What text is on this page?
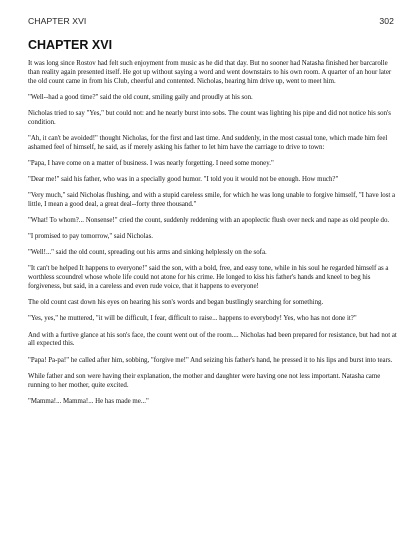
CHAPTER XVI	302
CHAPTER XVI

It was long since Rostov had felt such enjoyment from music as he did that day. But no sooner had Natasha finished her barcarolle than reality again presented itself. He got up without saying a word and went downstairs to his own room. A quarter of an hour later the old count came in from his Club, cheerful and contented. Nicholas, hearing him drive up, went to meet him.

"Well--had a good time?" said the old count, smiling gaily and proudly at his son.

Nicholas tried to say "Yes," but could not: and he nearly burst into sobs. The count was lighting his pipe and did not notice his son's condition.

"Ah, it can't be avoided!" thought Nicholas, for the first and last time. And suddenly, in the most casual tone, which made him feel ashamed feel of himself, he said, as if merely asking his father to let him have the carriage to drive to town:

"Papa, I have come on a matter of business. I was nearly forgetting. I need some money."

"Dear me!" said his father, who was in a specially good humor. "I told you it would not be enough. How much?"

"Very much," said Nicholas flushing, and with a stupid careless smile, for which he was long unable to forgive himself, "I have lost a little, I mean a good deal, a great deal--forty three thousand."

"What! To whom?... Nonsense!" cried the count, suddenly reddening with an apoplectic flush over neck and nape as old people do.

"I promised to pay tomorrow," said Nicholas.

"Well!..." said the old count, spreading out his arms and sinking helplessly on the sofa.

"It can't be helped It happens to everyone!" said the son, with a bold, free, and easy tone, while in his soul he regarded himself as a worthless scoundrel whose whole life could not atone for his crime. He longed to kiss his father's hands and kneel to beg his forgiveness, but said, in a careless and even rude voice, that it happens to everyone!

The old count cast down his eyes on hearing his son's words and began bustlingly searching for something.

"Yes, yes," he muttered, "it will be difficult, I fear, difficult to raise... happens to everybody! Yes, who has not done it?"

And with a furtive glance at his son's face, the count went out of the room.... Nicholas had been prepared for resistance, but had not at all expected this.

"Papa! Pa-pa!" he called after him, sobbing, "forgive me!" And seizing his father's hand, he pressed it to his lips and burst into tears.

While father and son were having their explanation, the mother and daughter were having one not less important. Natasha came running to her mother, quite excited.

"Mamma!... Mamma!... He has made me..."
